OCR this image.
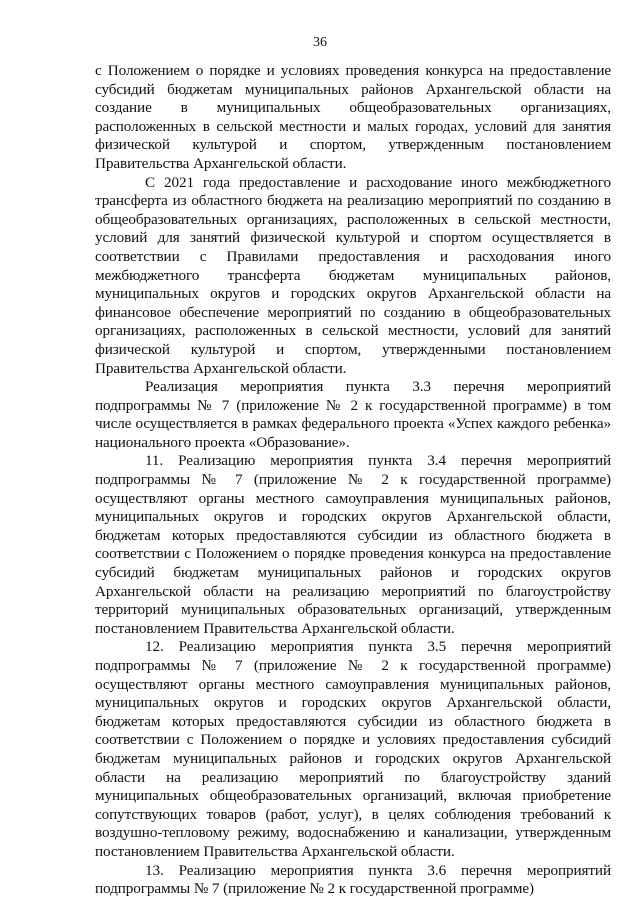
36

с Положением о порядке и условиях проведения конкурса на предоставление субсидий бюджетам муниципальных районов Архангельской области на создание в муниципальных общеобразовательных организациях, расположенных в сельской местности и малых городах, условий для занятия физической культурой и спортом, утвержденным постановлением Правительства Архангельской области.

С 2021 года предоставление и расходование иного межбюджетного трансферта из областного бюджета на реализацию мероприятий по созданию в общеобразовательных организациях, расположенных в сельской местности, условий для занятий физической культурой и спортом осуществляется в соответствии с Правилами предоставления и расходования иного межбюджетного трансферта бюджетам муниципальных районов, муниципальных округов и городских округов Архангельской области на финансовое обеспечение мероприятий по созданию в общеобразовательных организациях, расположенных в сельской местности, условий для занятий физической культурой и спортом, утвержденными постановлением Правительства Архангельской области.

Реализация мероприятия пункта 3.3 перечня мероприятий подпрограммы № 7 (приложение № 2 к государственной программе) в том числе осуществляется в рамках федерального проекта «Успех каждого ребенка» национального проекта «Образование».

11. Реализацию мероприятия пункта 3.4 перечня мероприятий подпрограммы № 7 (приложение № 2 к государственной программе) осуществляют органы местного самоуправления муниципальных районов, муниципальных округов и городских округов Архангельской области, бюджетам которых предоставляются субсидии из областного бюджета в соответствии с Положением о порядке проведения конкурса на предоставление субсидий бюджетам муниципальных районов и городских округов Архангельской области на реализацию мероприятий по благоустройству территорий муниципальных образовательных организаций, утвержденным постановлением Правительства Архангельской области.

12. Реализацию мероприятия пункта 3.5 перечня мероприятий подпрограммы № 7 (приложение № 2 к государственной программе) осуществляют органы местного самоуправления муниципальных районов, муниципальных округов и городских округов Архангельской области, бюджетам которых предоставляются субсидии из областного бюджета в соответствии с Положением о порядке и условиях предоставления субсидий бюджетам муниципальных районов и городских округов Архангельской области на реализацию мероприятий по благоустройству зданий муниципальных общеобразовательных организаций, включая приобретение сопутствующих товаров (работ, услуг), в целях соблюдения требований к воздушно-тепловому режиму, водоснабжению и канализации, утвержденным постановлением Правительства Архангельской области.

13. Реализацию мероприятия пункта 3.6 перечня мероприятий подпрограммы № 7 (приложение № 2 к государственной программе)
